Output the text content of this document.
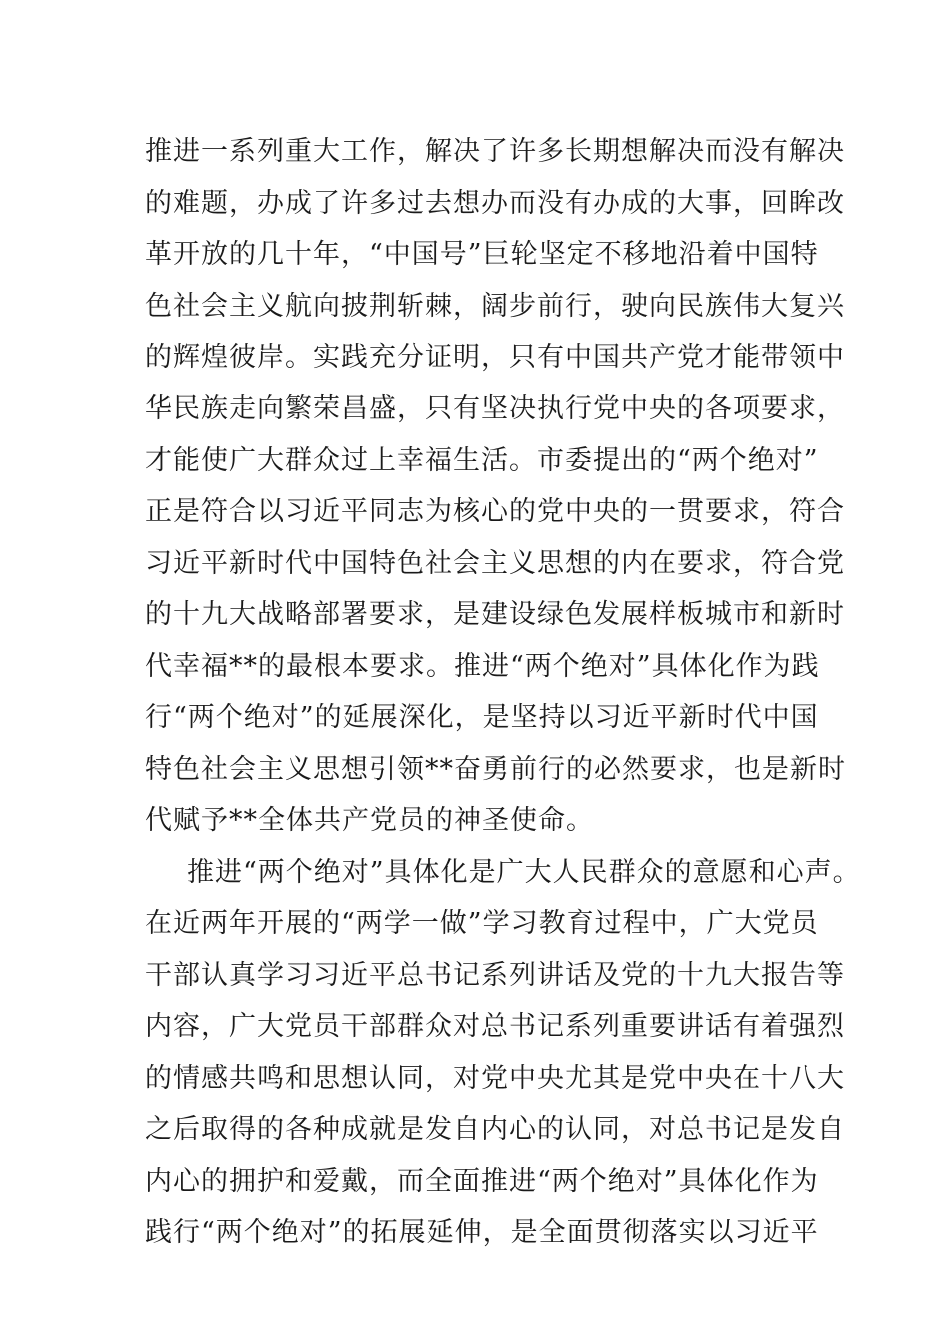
推进一系列重大工作，解决了许多长期想解决而没有解决
的难题，办成了许多过去想办而没有办成的大事，回眸改
革开放的几十年，“中国号”巨轮坚定不移地沿着中国特
色社会主义航向披荆斩棘，阔步前行，驶向民族伟大复兴
的辉煌彼岸。实践充分证明，只有中国共产党才能带领中
华民族走向繁荣昌盛，只有坚决执行党中央的各项要求，
才能使广大群众过上幸福生活。市委提出的“两个绝对”
正是符合以习近平同志为核心的党中央的一贯要求，符合
习近平新时代中国特色社会主义思想的内在要求，符合党
的十九大战略部署要求，是建设绿色发展样板城市和新时
代幸福**的最根本要求。推进“两个绝对”具体化作为践
行“两个绝对”的延展深化，是坚持以习近平新时代中国
特色社会主义思想引领**奋勇前行的必然要求，也是新时
代赋予**全体共产党员的神圣使命。
推进“两个绝对”具体化是广大人民群众的意愿和心声。
在近两年开展的“两学一做”学习教育过程中，广大党员
干部认真学习习近平总书记系列讲话及党的十九大报告等
内容，广大党员干部群众对总书记系列重要讲话有着强烈
的情感共鸣和思想认同，对党中央尤其是党中央在十八大
之后取得的各种成就是发自内心的认同，对总书记是发自
内心的拥护和爱戴，而全面推进“两个绝对”具体化作为
践行“两个绝对”的拓展延伸，是全面贯彻落实以习近平
